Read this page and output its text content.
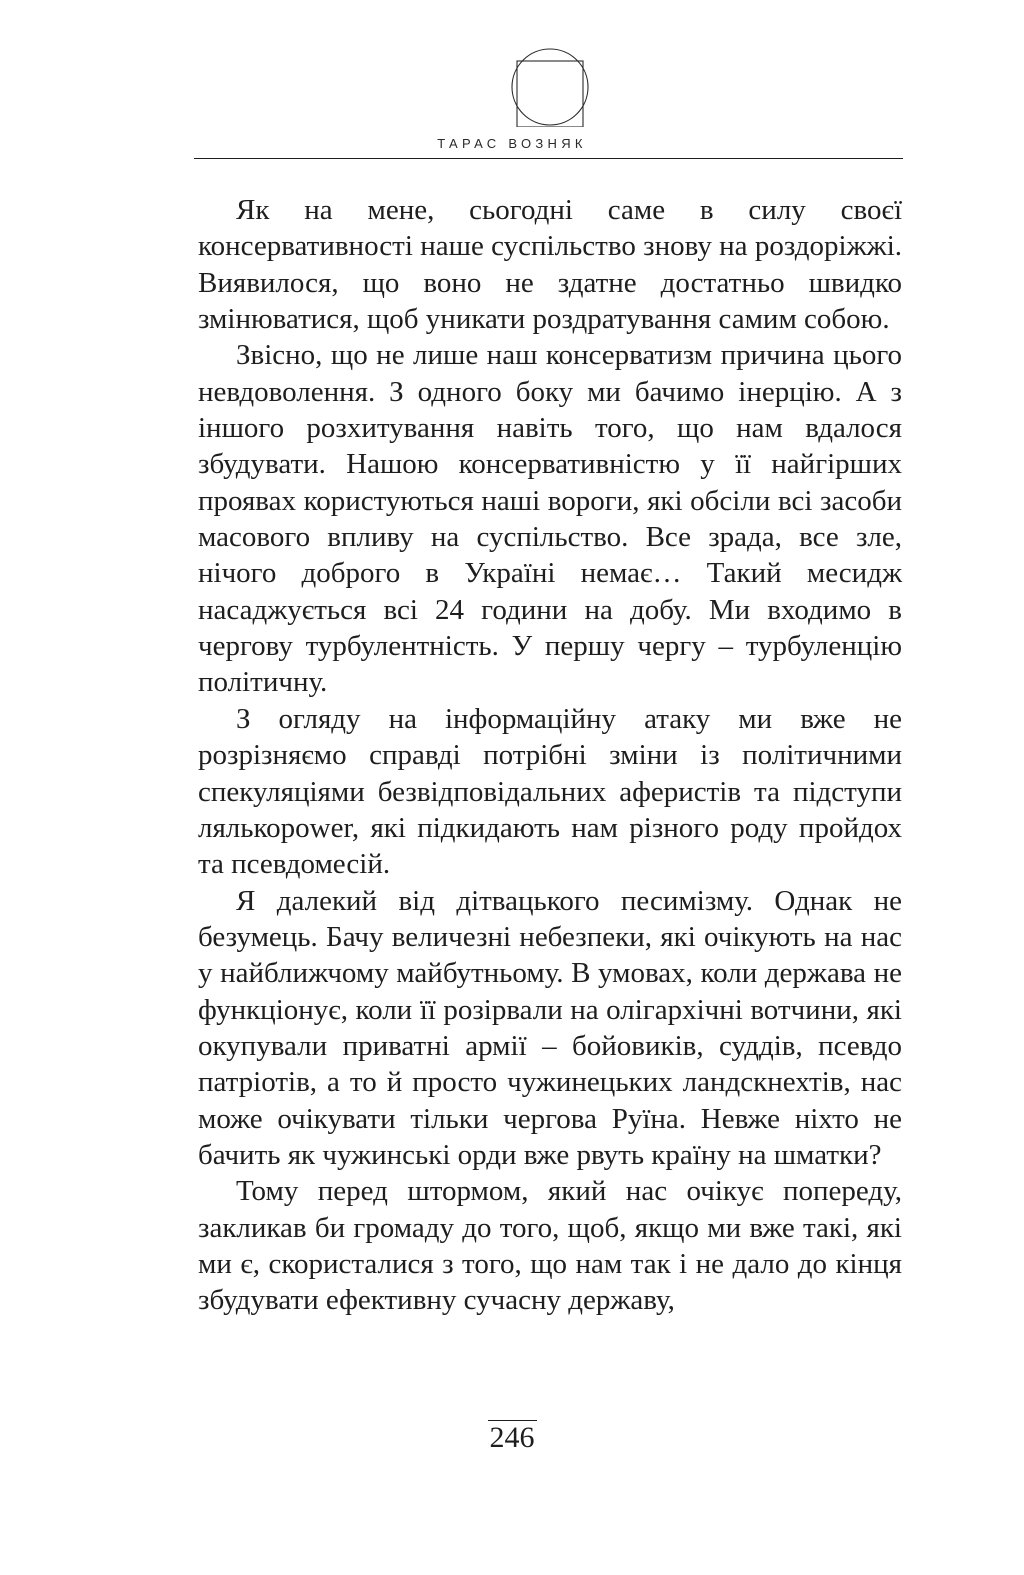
ТАРАС ВОЗНЯК

Як на мене, сьогодні саме в силу своєї консервативності наше суспільство знову на роздоріжжі. Виявилося, що воно не здатне достатньо швидко змінюватися, щоб уникати роздратування самим собою.

Звісно, що не лише наш консерватизм причина цього невдоволення. З одного боку ми бачимо інерцію. А з іншого розхитування навіть того, що нам вдалося збудувати. Нашою консервативністю у її найгірших проявах користуються наші вороги, які обсіли всі засоби масового впливу на суспільство. Все зрада, все зле, нічого доброго в Україні немає… Такий месидж насаджується всі 24 години на добу. Ми входимо в чергову турбулентність. У першу чергу – турбуленцію політичну.

З огляду на інформаційну атаку ми вже не розрізняємо справді потрібні зміни із політичними спекуляціями безвідповідальних аферистів та підступи лялькоpower, які підкидають нам різного роду пройдох та псевдомесій.

Я далекий від дітвацького песимізму. Однак не безумець. Бачу величезні небезпеки, які очікують на нас у найближчому майбутньому. В умовах, коли держава не функціонує, коли її розірвали на олігархічні вотчини, які окупували приватні армії – бойовиків, суддів, псевдо патріотів, а то й просто чужинецьких ландскнехтів, нас може очікувати тільки чергова Руїна. Невже ніхто не бачить як чужинські орди вже рвуть країну на шматки?

Тому перед штормом, який нас очікує попереду, закликав би громаду до того, щоб, якщо ми вже такі, які ми є, скористалися з того, що нам так і не дало до кінця збудувати ефективну сучасну державу,

246
